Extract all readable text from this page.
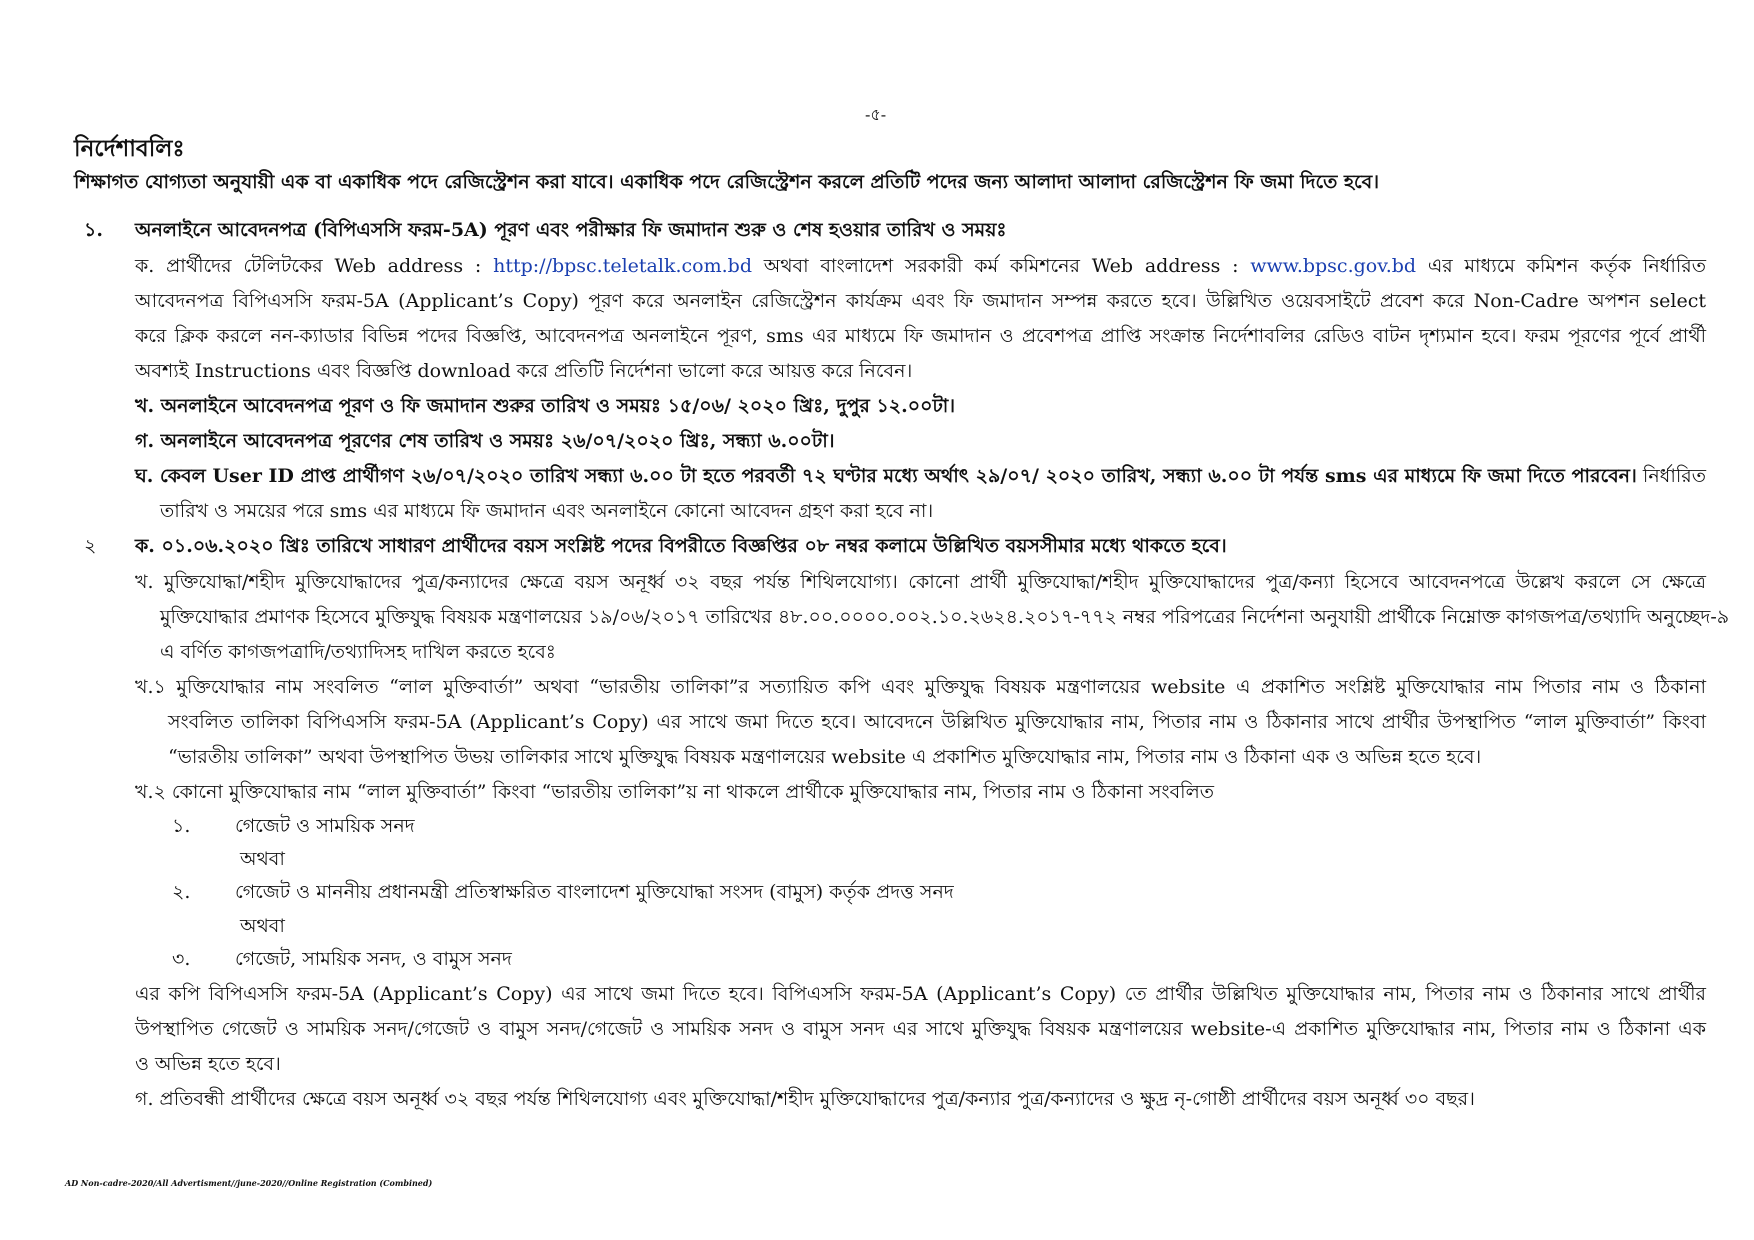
-৫-
নির্দেশাবলিঃ
শিক্ষাগত যোগ্যতা অনুযায়ী এক বা একাধিক পদে রেজিস্ট্রেশন করা যাবে। একাধিক পদে রেজিস্ট্রেশন করলে প্রতিটি পদের জন্য আলাদা আলাদা রেজিস্ট্রেশন ফি জমা দিতে হবে।
১. অনলাইনে আবেদনপত্র (বিপিএসসি ফরম-5A) পূরণ এবং পরীক্ষার ফি জমাদান শুরু ও শেষ হওয়ার তারিখ ও সময়ঃ
ক. প্রার্থীদের টেলিটকের Web address : http://bpsc.teletalk.com.bd অথবা বাংলাদেশ সরকারী কর্ম কমিশনের Web address : www.bpsc.gov.bd এর মাধ্যমে কমিশন কর্তৃক নির্ধারিত
আবেদনপত্র বিপিএসসি ফরম-5A (Applicant’s Copy) পূরণ করে অনলাইন রেজিস্ট্রেশন কার্যক্রম এবং ফি জমাদান সম্পন্ন করতে হবে। উল্লিখিত ওয়েবসাইটে প্রবেশ করে Non-Cadre অপশন select
করে ক্লিক করলে নন-ক্যাডার বিভিন্ন পদের বিজ্ঞপ্তি, আবেদনপত্র অনলাইনে পূরণ, sms এর মাধ্যমে ফি জমাদান ও প্রবেশপত্র প্রাপ্তি সংক্রান্ত নির্দেশাবলির রেডিও বাটন দৃশ্যমান হবে। ফরম পূরণের পূর্বে প্রার্থী
অবশ্যই Instructions এবং বিজ্ঞপ্তি download করে প্রতিটি নির্দেশনা ভালো করে আয়ত্ত করে নিবেন।
খ. অনলাইনে আবেদনপত্র পূরণ ও ফি জমাদান শুরুর তারিখ ও সময়ঃ ১৫/০৬/ ২০২০ খ্রিঃ, দুপুর ১২.০০টা।
গ. অনলাইনে আবেদনপত্র পূরণের শেষ তারিখ ও সময়ঃ ২৬/০৭/২০২০ খ্রিঃ, সন্ধ্যা ৬.০০টা।
ঘ. কেবল User ID প্রাপ্ত প্রার্থীগণ ২৬/০৭/২০২০ তারিখ সন্ধ্যা ৬.০০ টা হতে পরবর্তী ৭২ ঘণ্টার মধ্যে অর্থাৎ ২৯/০৭/ ২০২০ তারিখ, সন্ধ্যা ৬.০০ টা পর্যন্ত sms এর মাধ্যমে ফি জমা দিতে পারবেন। নির্ধারিত
তারিখ ও সময়ের পরে sms এর মাধ্যমে ফি জমাদান এবং অনলাইনে কোনো আবেদন গ্রহণ করা হবে না।
২ ক. ০১.০৬.২০২০ খ্রিঃ তারিখে সাধারণ প্রার্থীদের বয়স সংশ্লিষ্ট পদের বিপরীতে বিজ্ঞপ্তির ০৮ নম্বর কলামে উল্লিখিত বয়সসীমার মধ্যে থাকতে হবে।
খ. মুক্তিযোদ্ধা/শহীদ মুক্তিযোদ্ধাদের পুত্র/কন্যাদের ক্ষেত্রে বয়স অনূর্ধ্ব ৩২ বছর পর্যন্ত শিথিলযোগ্য। কোনো প্রার্থী মুক্তিযোদ্ধা/শহীদ মুক্তিযোদ্ধাদের পুত্র/কন্যা হিসেবে আবেদনপত্রে উল্লেখ করলে সে ক্ষেত্রে
মুক্তিযোদ্ধার প্রমাণক হিসেবে মুক্তিযুদ্ধ বিষয়ক মন্ত্রণালয়ের ১৯/০৬/২০১৭ তারিখের ৪৮.০০.০০০০.০০২.১০.২৬২৪.২০১৭-৭৭২ নম্বর পরিপত্রের নির্দেশনা অনুযায়ী প্রার্থীকে নিম্নোক্ত কাগজপত্র/তথ্যাদি অনুচ্ছেদ-৯
এ বর্ণিত কাগজপত্রাদি/তথ্যাদিসহ দাখিল করতে হবেঃ
খ.১ মুক্তিযোদ্ধার নাম সংবলিত “লাল মুক্তিবার্তা” অথবা “ভারতীয় তালিকা”র সত্যায়িত কপি এবং মুক্তিযুদ্ধ বিষয়ক মন্ত্রণালয়ের website এ প্রকাশিত সংশ্লিষ্ট মুক্তিযোদ্ধার নাম পিতার নাম ও ঠিকানা
সংবলিত তালিকা বিপিএসসি ফরম-5A (Applicant’s Copy) এর সাথে জমা দিতে হবে। আবেদনে উল্লিখিত মুক্তিযোদ্ধার নাম, পিতার নাম ও ঠিকানার সাথে প্রার্থীর উপস্থাপিত “লাল মুক্তিবার্তা” কিংবা
“ভারতীয় তালিকা” অথবা উপস্থাপিত উভয় তালিকার সাথে মুক্তিযুদ্ধ বিষয়ক মন্ত্রণালয়ের website এ প্রকাশিত মুক্তিযোদ্ধার নাম, পিতার নাম ও ঠিকানা এক ও অভিন্ন হতে হবে।
খ.২ কোনো মুক্তিযোদ্ধার নাম “লাল মুক্তিবার্তা” কিংবা “ভারতীয় তালিকা”য় না থাকলে প্রার্থীকে মুক্তিযোদ্ধার নাম, পিতার নাম ও ঠিকানা সংবলিত
১. গেজেট ও সাময়িক সনদ
অথবা
২. গেজেট ও মাননীয় প্রধানমন্ত্রী প্রতিস্বাক্ষরিত বাংলাদেশ মুক্তিযোদ্ধা সংসদ (বামুস) কর্তৃক প্রদত্ত সনদ
অথবা
৩. গেজেট, সাময়িক সনদ, ও বামুস সনদ
এর কপি বিপিএসসি ফরম-5A (Applicant’s Copy) এর সাথে জমা দিতে হবে। বিপিএসসি ফরম-5A (Applicant’s Copy) তে প্রার্থীর উল্লিখিত মুক্তিযোদ্ধার নাম, পিতার নাম ও ঠিকানার সাথে প্রার্থীর
উপস্থাপিত গেজেট ও সাময়িক সনদ/গেজেট ও বামুস সনদ/গেজেট ও সাময়িক সনদ ও বামুস সনদ এর সাথে মুক্তিযুদ্ধ বিষয়ক মন্ত্রণালয়ের website-এ প্রকাশিত মুক্তিযোদ্ধার নাম, পিতার নাম ও ঠিকানা এক
ও অভিন্ন হতে হবে।
গ. প্রতিবন্ধী প্রার্থীদের ক্ষেত্রে বয়স অনূর্ধ্ব ৩২ বছর পর্যন্ত শিথিলযোগ্য এবং মুক্তিযোদ্ধা/শহীদ মুক্তিযোদ্ধাদের পুত্র/কন্যার পুত্র/কন্যাদের ও ক্ষুদ্র নৃ-গোষ্ঠী প্রার্থীদের বয়স অনূর্ধ্ব ৩০ বছর।
AD Non-cadre-2020/All Advertisment//june-2020//Online Registration (Combined)
